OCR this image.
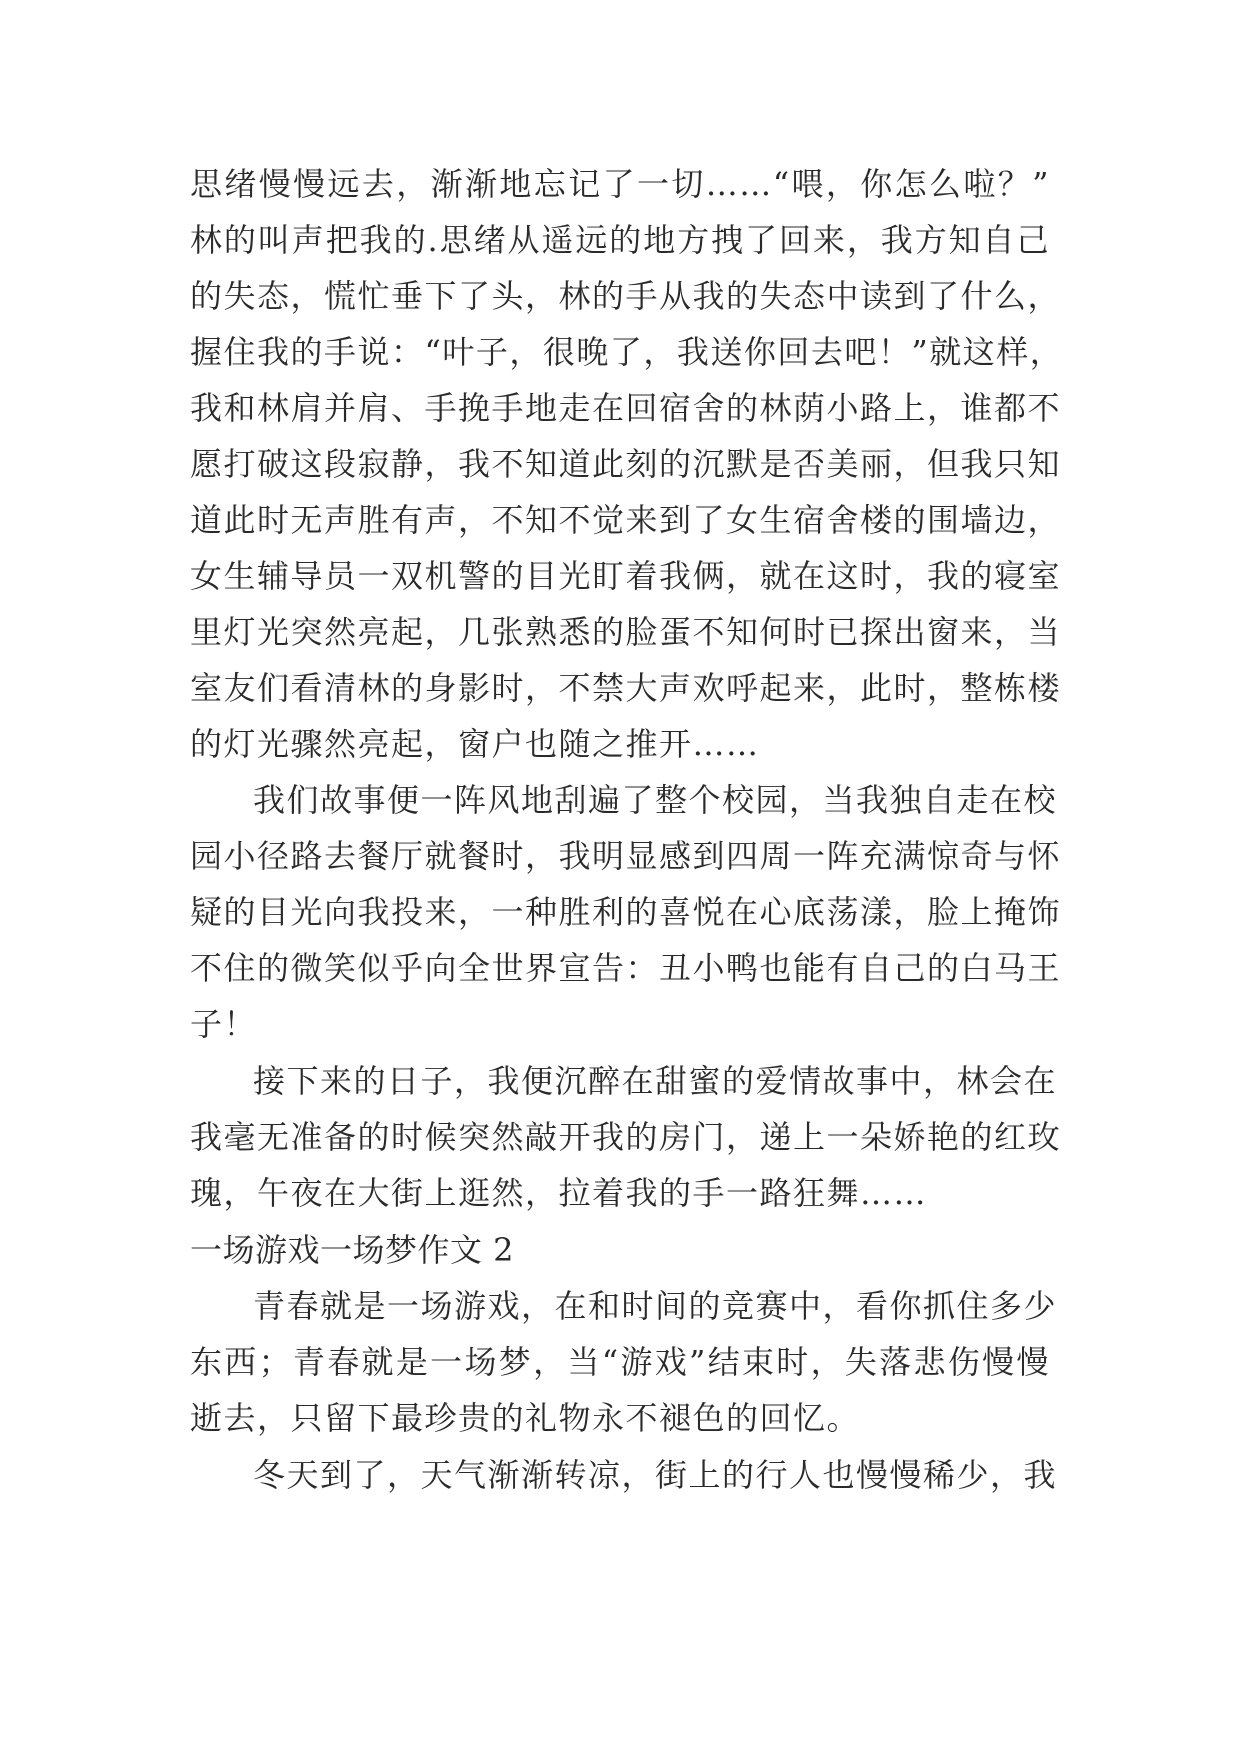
思绪慢慢远去，渐渐地忘记了一切……“喂，你怎么啦？”
林的叫声把我的.思绪从遥远的地方拽了回来，我方知自己
的失态，慌忙垂下了头，林的手从我的失态中读到了什么，
握住我的手说：“叶子，很晚了，我送你回去吧！”就这样，
我和林肩并肩、手挽手地走在回宿舍的林荫小路上，谁都不
愿打破这段寂静，我不知道此刻的沉默是否美丽，但我只知
道此时无声胜有声，不知不觉来到了女生宿舍楼的围墙边，
女生辅导员一双机警的目光盯着我俩，就在这时，我的寝室
里灯光突然亮起，几张熟悉的脸蛋不知何时已探出窗来，当
室友们看清林的身影时，不禁大声欢呼起来，此时，整栋楼
的灯光骤然亮起，窗户也随之推开……
我们故事便一阵风地刮遍了整个校园，当我独自走在校
园小径路去餐厅就餐时，我明显感到四周一阵充满惊奇与怀
疑的目光向我投来，一种胜利的喜悦在心底荡漾，脸上掩饰
不住的微笑似乎向全世界宣告：丑小鸭也能有自己的白马王
子！
接下来的日子，我便沉醉在甜蜜的爱情故事中，林会在
我毫无准备的时候突然敲开我的房门，递上一朵娇艳的红玫
瑰，午夜在大街上逛然，拉着我的手一路狂舞……
一场游戏一场梦作文 2
青春就是一场游戏，在和时间的竞赛中，看你抓住多少
东西；青春就是一场梦，当“游戏”结束时，失落悲伤慢慢
逝去，只留下最珍贵的礼物永不褪色的回忆。
冬天到了，天气渐渐转凉，街上的行人也慢慢稀少，我
